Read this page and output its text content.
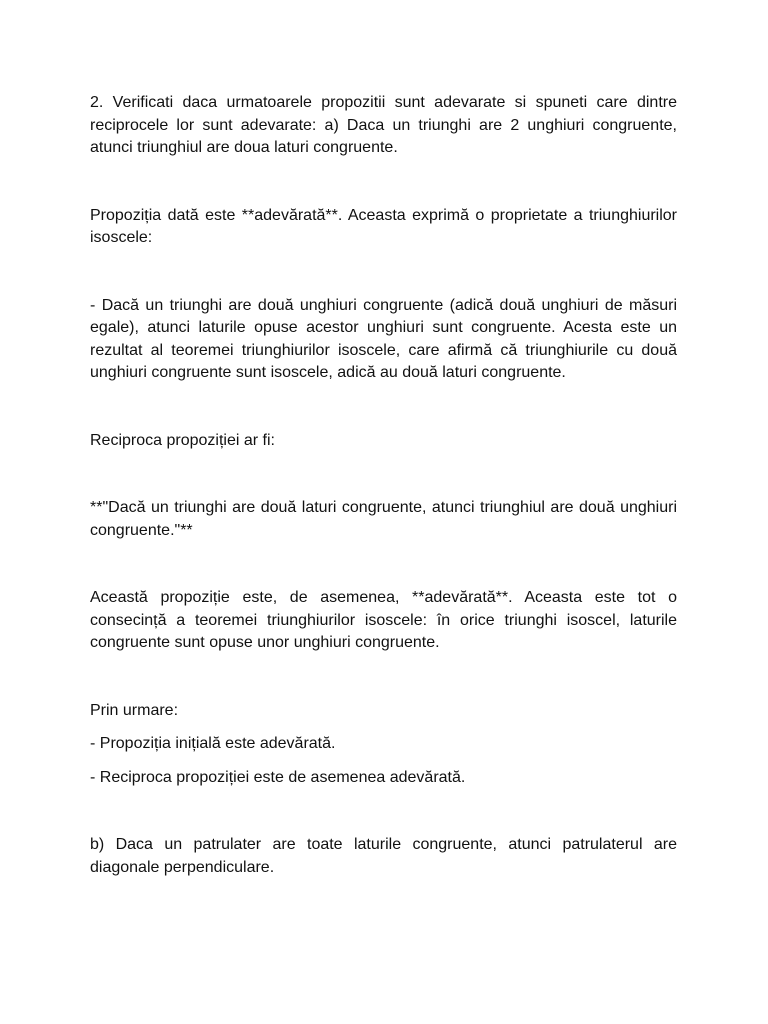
2. Verificati daca urmatoarele propozitii sunt adevarate si spuneti care dintre reciprocele lor sunt adevarate: a) Daca un triunghi are 2 unghiuri congruente, atunci triunghiul are doua laturi congruente.

Propoziția dată este **adevărată**. Aceasta exprimă o proprietate a triunghiurilor isoscele:

- Dacă un triunghi are două unghiuri congruente (adică două unghiuri de măsuri egale), atunci laturile opuse acestor unghiuri sunt congruente. Acesta este un rezultat al teoremei triunghiurilor isoscele, care afirmă că triunghiurile cu două unghiuri congruente sunt isoscele, adică au două laturi congruente.

Reciproca propoziției ar fi:

**"Dacă un triunghi are două laturi congruente, atunci triunghiul are două unghiuri congruente."**

Această propoziție este, de asemenea, **adevărată**. Aceasta este tot o consecință a teoremei triunghiurilor isoscele: în orice triunghi isoscel, laturile congruente sunt opuse unor unghiuri congruente.

Prin urmare:

- Propoziția inițială este adevărată.

- Reciproca propoziției este de asemenea adevărată.

b) Daca un patrulater are toate laturile congruente, atunci patrulaterul are diagonale perpendiculare.
